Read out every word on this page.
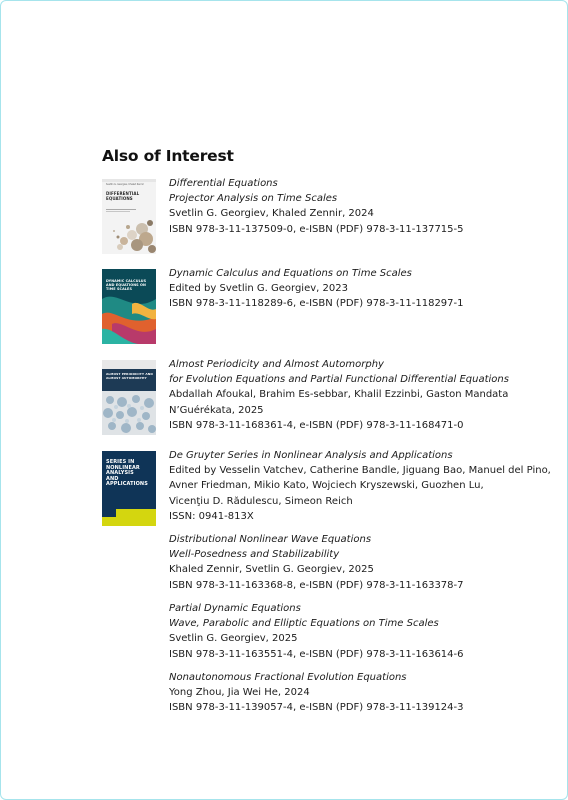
Also of Interest
Svetlin G. Georgiev, Khaled Zennir
DIFFERENTIAL EQUATIONS
DYNAMIC CALCULUS AND EQUATIONS ON TIME SCALES
ALMOST PERIODICITY AND ALMOST AUTOMORPHY
SERIES IN NONLINEAR ANALYSIS AND APPLICATIONS
Differential Equations
Projector Analysis on Time Scales
Svetlin G. Georgiev, Khaled Zennir, 2024
ISBN 978-3-11-137509-0, e-ISBN (PDF) 978-3-11-137715-5
Dynamic Calculus and Equations on Time Scales
Edited by Svetlin G. Georgiev, 2023
ISBN 978-3-11-118289-6, e-ISBN (PDF) 978-3-11-118297-1
Almost Periodicity and Almost Automorphy
for Evolution Equations and Partial Functional Differential Equations
Abdallah Afoukal, Brahim Es-sebbar, Khalil Ezzinbi, Gaston Mandata
N’Guérékata, 2025
ISBN 978-3-11-168361-4, e-ISBN (PDF) 978-3-11-168471-0
De Gruyter Series in Nonlinear Analysis and Applications
Edited by Vesselin Vatchev, Catherine Bandle, Jiguang Bao, Manuel del Pino,
Avner Friedman, Mikio Kato, Wojciech Kryszewski, Guozhen Lu,
Vicenţiu D. Rădulescu, Simeon Reich
ISSN: 0941-813X
Distributional Nonlinear Wave Equations
Well-Posedness and Stabilizability
Khaled Zennir, Svetlin G. Georgiev, 2025
ISBN 978-3-11-163368-8, e-ISBN (PDF) 978-3-11-163378-7
Partial Dynamic Equations
Wave, Parabolic and Elliptic Equations on Time Scales
Svetlin G. Georgiev, 2025
ISBN 978-3-11-163551-4, e-ISBN (PDF) 978-3-11-163614-6
Nonautonomous Fractional Evolution Equations
Yong Zhou, Jia Wei He, 2024
ISBN 978-3-11-139057-4, e-ISBN (PDF) 978-3-11-139124-3
